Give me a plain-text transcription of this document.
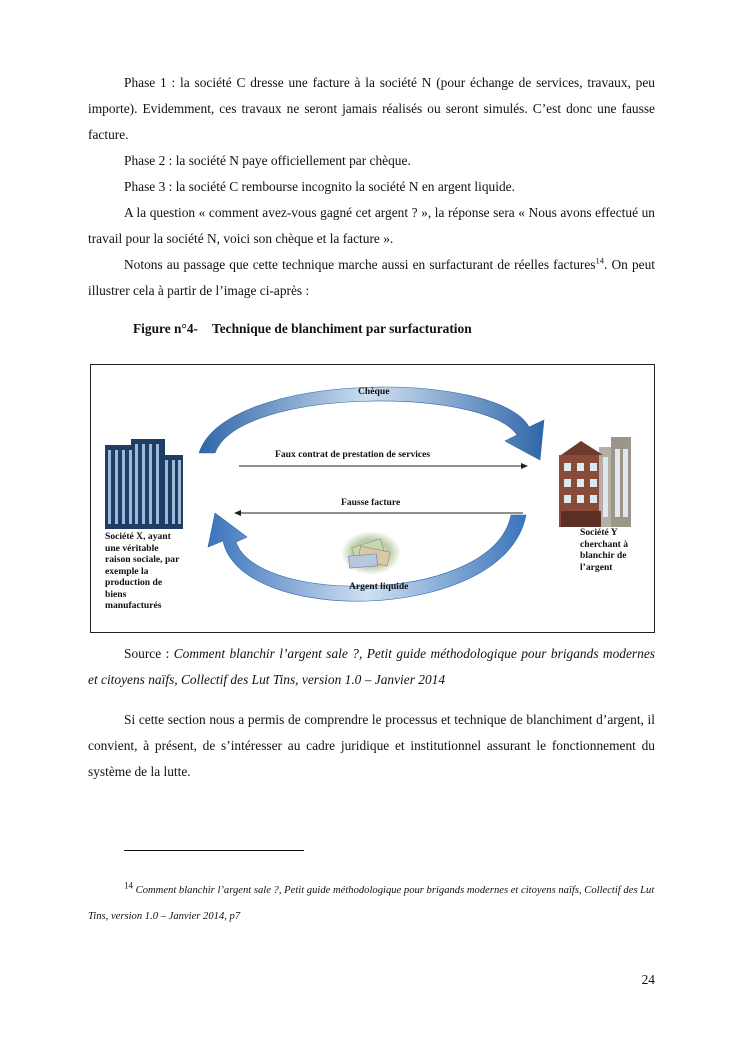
Phase 1 : la société C dresse une facture à la société N (pour échange de services, travaux, peu importe). Evidemment, ces travaux ne seront jamais réalisés ou seront simulés. C’est donc une fausse facture.

Phase 2 : la société N paye officiellement par chèque.

Phase 3 : la société C rembourse incognito la société N en argent liquide.

A la question « comment avez-vous gagné cet argent ? », la réponse sera « Nous avons effectué un travail pour la société N, voici son chèque et la facture ».

Notons au passage que cette technique marche aussi en surfacturant de réelles factures$^{14}$. On peut illustrer cela à partir de l’image ci-après :

Figure n°4- Technique de blanchiment par surfacturation

Chèque
Faux contrat de prestation de services
Fausse facture
Argent liquide
Société X, ayant
une véritable
raison sociale, par
exemple la
production de
biens
manufacturés
Société Y
cherchant à
blanchir de
l’argent

Source : Comment blanchir l’argent sale ?, Petit guide méthodologique pour brigands modernes et citoyens naïfs, Collectif des Lut Tins, version 1.0 – Janvier 2014

Si cette section nous a permis de comprendre le processus et technique de blanchiment d’argent, il convient, à présent, de s’intéresser au cadre juridique et institutionnel assurant le fonctionnement du système de la lutte.

$^{14}$ Comment blanchir l’argent sale ?, Petit guide méthodologique pour brigands modernes et citoyens naïfs, Collectif des Lut Tins, version 1.0 – Janvier 2014, p7

24
